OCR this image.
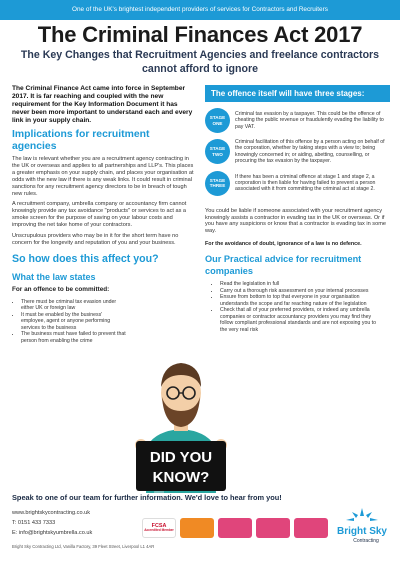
One of the UK's brightest independent providers of services for Contractors and Recruiters
The Criminal Finances Act 2017
The Key Changes that Recruitment Agencies and freelance contractors cannot afford to ignore
The Criminal Finance Act came into force in September 2017. It is far reaching and coupled with the new requirement for the Key Information Document it has never been more important to understand each and every link in your supply chain.
Implications for recruitment agencies
The law is relevant whether you are a recruitment agency contracting in the UK or overseas and applies to all partnerships and LLP's. This places a greater emphasis on your supply chain, and places your organisation at odds with the new law if there is any weak links. It could result in criminal sanctions for any recruitment agency directors to be in breach of tough new rules.
A recruitment company, umbrella company or accountancy firm cannot knowingly provide any tax avoidance "products" or services to act as a smoke screen for the purpose of saving on your labour costs and improving the net take home of your contractors.
Unscrupulous providers who may be in it for the short term have no concern for the longevity and reputation of you and your business.
So how does this affect you?
What the law states
For an offence to be committed:
• There must be criminal tax evasion under either UK or foreign law
• It must be enabled by the business' employee, agent or anyone performing services to the business
• The business must have failed to prevent that person from enabling the crime
The offence itself will have three stages:
STAGE
ONE
Criminal tax evasion by a taxpayer. This could be the offence of cheating the public revenue or fraudulently evading the liability to pay VAT.
STAGE
TWO
Criminal facilitation of this offence by a person acting on behalf of the corporation, whether by taking steps with a view to; being knowingly concerned in; or aiding, abetting, counselling, or procuring the tax evasion by the taxpayer.
STAGE
THREE
If there has been a criminal offence at stage 1 and stage 2, a corporation is then liable for having failed to prevent a person associated with it from committing the criminal act at stage 2.
You could be liable if someone associated with your recruitment agency knowingly assists a contractor in evading tax in the UK or overseas. Or if you have any suspicions or know that a contractor is evading tax in some way.
For the avoidance of doubt, ignorance of a law is no defence.
Our Practical advice for recruitment companies
• Read the legislation in full
• Carry out a thorough risk assessment on your internal processes
• Ensure from bottom to top that everyone in your organisation understands the scope and far reaching nature of the legislation
• Check that all of your preferred providers, or indeed any umbrella companies or contractor accountancy providers you may find they follow compliant professional standards and are not exposing you to the very real risk
DID YOU
KNOW?
Speak to one of our team for further information. We'd love to hear from you!
www.brightskycontracting.co.uk
T: 0151 433 7333
E: info@brightskyumbrella.co.uk
Bright Sky Contracting Ltd, Vanilla Factory, 39 Fleet Street, Liverpool L1 4AR
FCSA
Accredited Member	Bright Sky
Contracting
